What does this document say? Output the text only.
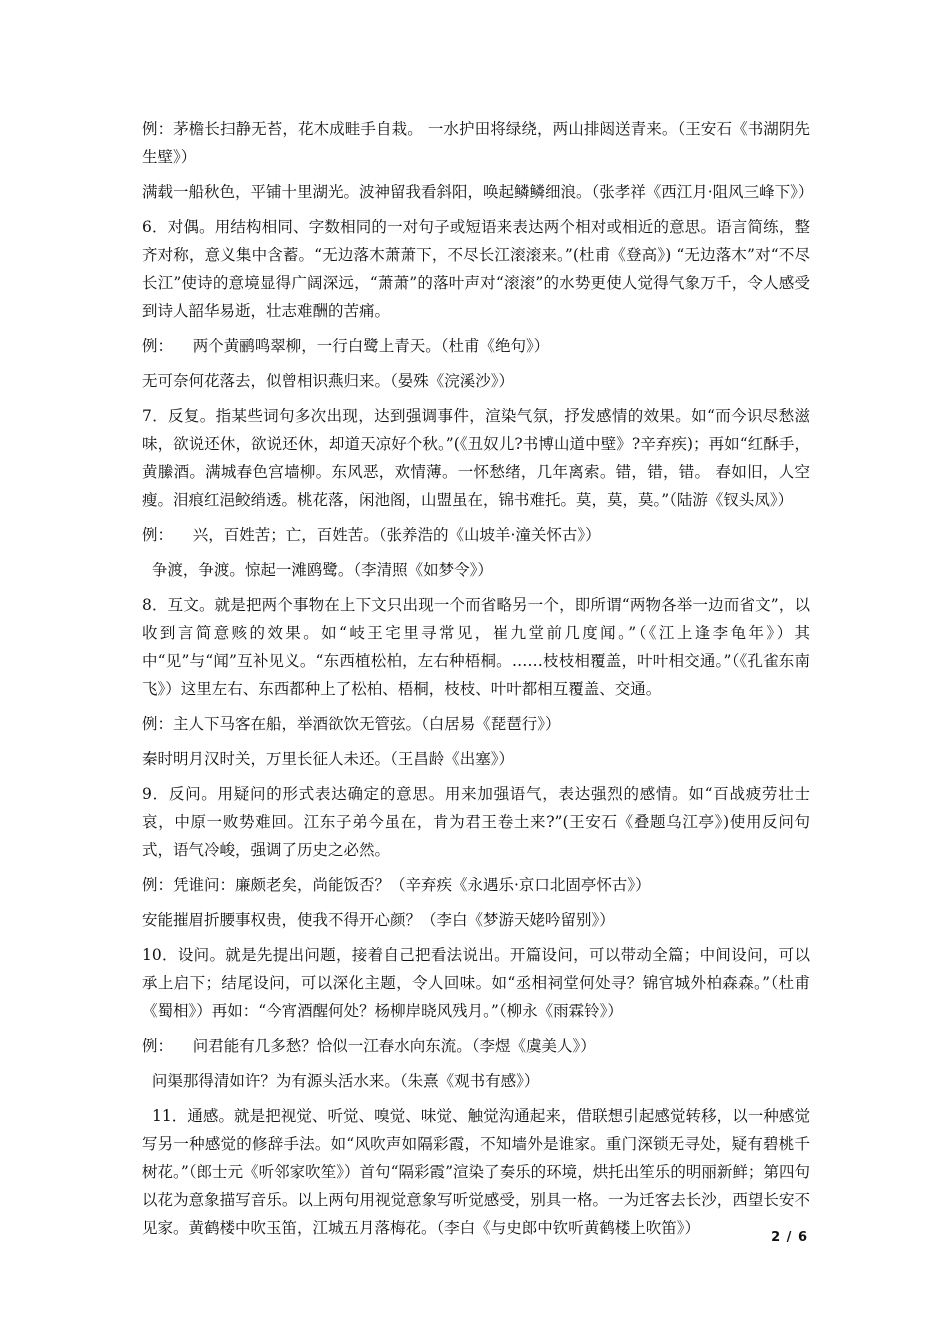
例：茅檐长扫静无苔，花木成畦手自栽。 一水护田将绿绕，两山排闼送青来。（王安石《书湖阴先生壁》）

满载一船秋色，平铺十里湖光。波神留我看斜阳，唤起鳞鳞细浪。（张孝祥《西江月·阻风三峰下》）

6．对偶。用结构相同、字数相同的一对句子或短语来表达两个相对或相近的意思。语言简练，整齐对称，意义集中含蓄。“无边落木萧萧下，不尽长江滚滚来。”(杜甫《登高》) “无边落木”对“不尽长江”使诗的意境显得广阔深远，“萧萧”的落叶声对“滚滚”的水势更使人觉得气象万千，令人感受到诗人韶华易逝，壮志难酬的苦痛。

例：    两个黄鹂鸣翠柳，一行白鹭上青天。（杜甫《绝句》）

无可奈何花落去，似曾相识燕归来。（晏殊《浣溪沙》）

7．反复。指某些词句多次出现，达到强调事件，渲染气氛，抒发感情的效果。如“而今识尽愁滋味，欲说还休，欲说还休，却道天凉好个秋。”(《丑奴儿?书博山道中壁》?辛弃疾)；再如“红酥手，黄縢酒。满城春色宫墙柳。东风恶，欢情薄。一怀愁绪，几年离索。错，错，错。 春如旧，人空瘦。泪痕红浥鲛绡透。桃花落，闲池阁，山盟虽在，锦书难托。莫，莫，莫。”（陆游《钗头凤》）

例：    兴，百姓苦；亡，百姓苦。（张养浩的《山坡羊·潼关怀古》）

争渡，争渡。惊起一滩鸥鹭。（李清照《如梦令》）

8．互文。就是把两个事物在上下文只出现一个而省略另一个，即所谓“两物各举一边而省文”，以收到言简意赅的效果。如“岐王宅里寻常见，崔九堂前几度闻。”（《江上逢李龟年》）其中“见”与“闻”互补见义。“东西植松柏，左右种梧桐。……枝枝相覆盖，叶叶相交通。”（《孔雀东南飞》）这里左右、东西都种上了松柏、梧桐，枝枝、叶叶都相互覆盖、交通。

例：主人下马客在船，举酒欲饮无管弦。（白居易《琵琶行》）

秦时明月汉时关，万里长征人未还。（王昌龄《出塞》）

9．反问。用疑问的形式表达确定的意思。用来加强语气，表达强烈的感情。如“百战疲劳壮士哀，中原一败势难回。江东子弟今虽在，肯为君王卷土来?”(王安石《叠题乌江亭》)使用反问句式，语气冷峻，强调了历史之必然。

例：凭谁问：廉颇老矣，尚能饭否？（辛弃疾《永遇乐·京口北固亭怀古》）

安能摧眉折腰事权贵，使我不得开心颜？（李白《梦游天姥吟留别》）

10．设问。就是先提出问题，接着自己把看法说出。开篇设问，可以带动全篇；中间设问，可以承上启下；结尾设问，可以深化主题，令人回味。如“丞相祠堂何处寻？锦官城外柏森森。”（杜甫《蜀相》）再如：“今宵酒醒何处？杨柳岸晓风残月。”（柳永《雨霖铃》）

例：    问君能有几多愁？恰似一江春水向东流。（李煜《虞美人》）

问渠那得清如许？为有源头活水来。（朱熹《观书有感》）

11．通感。就是把视觉、听觉、嗅觉、味觉、触觉沟通起来，借联想引起感觉转移，以一种感觉写另一种感觉的修辞手法。如“风吹声如隔彩霞，不知墙外是谁家。重门深锁无寻处，疑有碧桃千树花。”（郎士元《听邻家吹笙》）首句“隔彩霞”渲染了奏乐的环境，烘托出笙乐的明丽新鲜；第四句以花为意象描写音乐。以上两句用视觉意象写听觉感受，别具一格。一为迁客去长沙，西望长安不见家。黄鹤楼中吹玉笛，江城五月落梅花。（李白《与史郎中钦听黄鹤楼上吹笛》）

2 / 6
